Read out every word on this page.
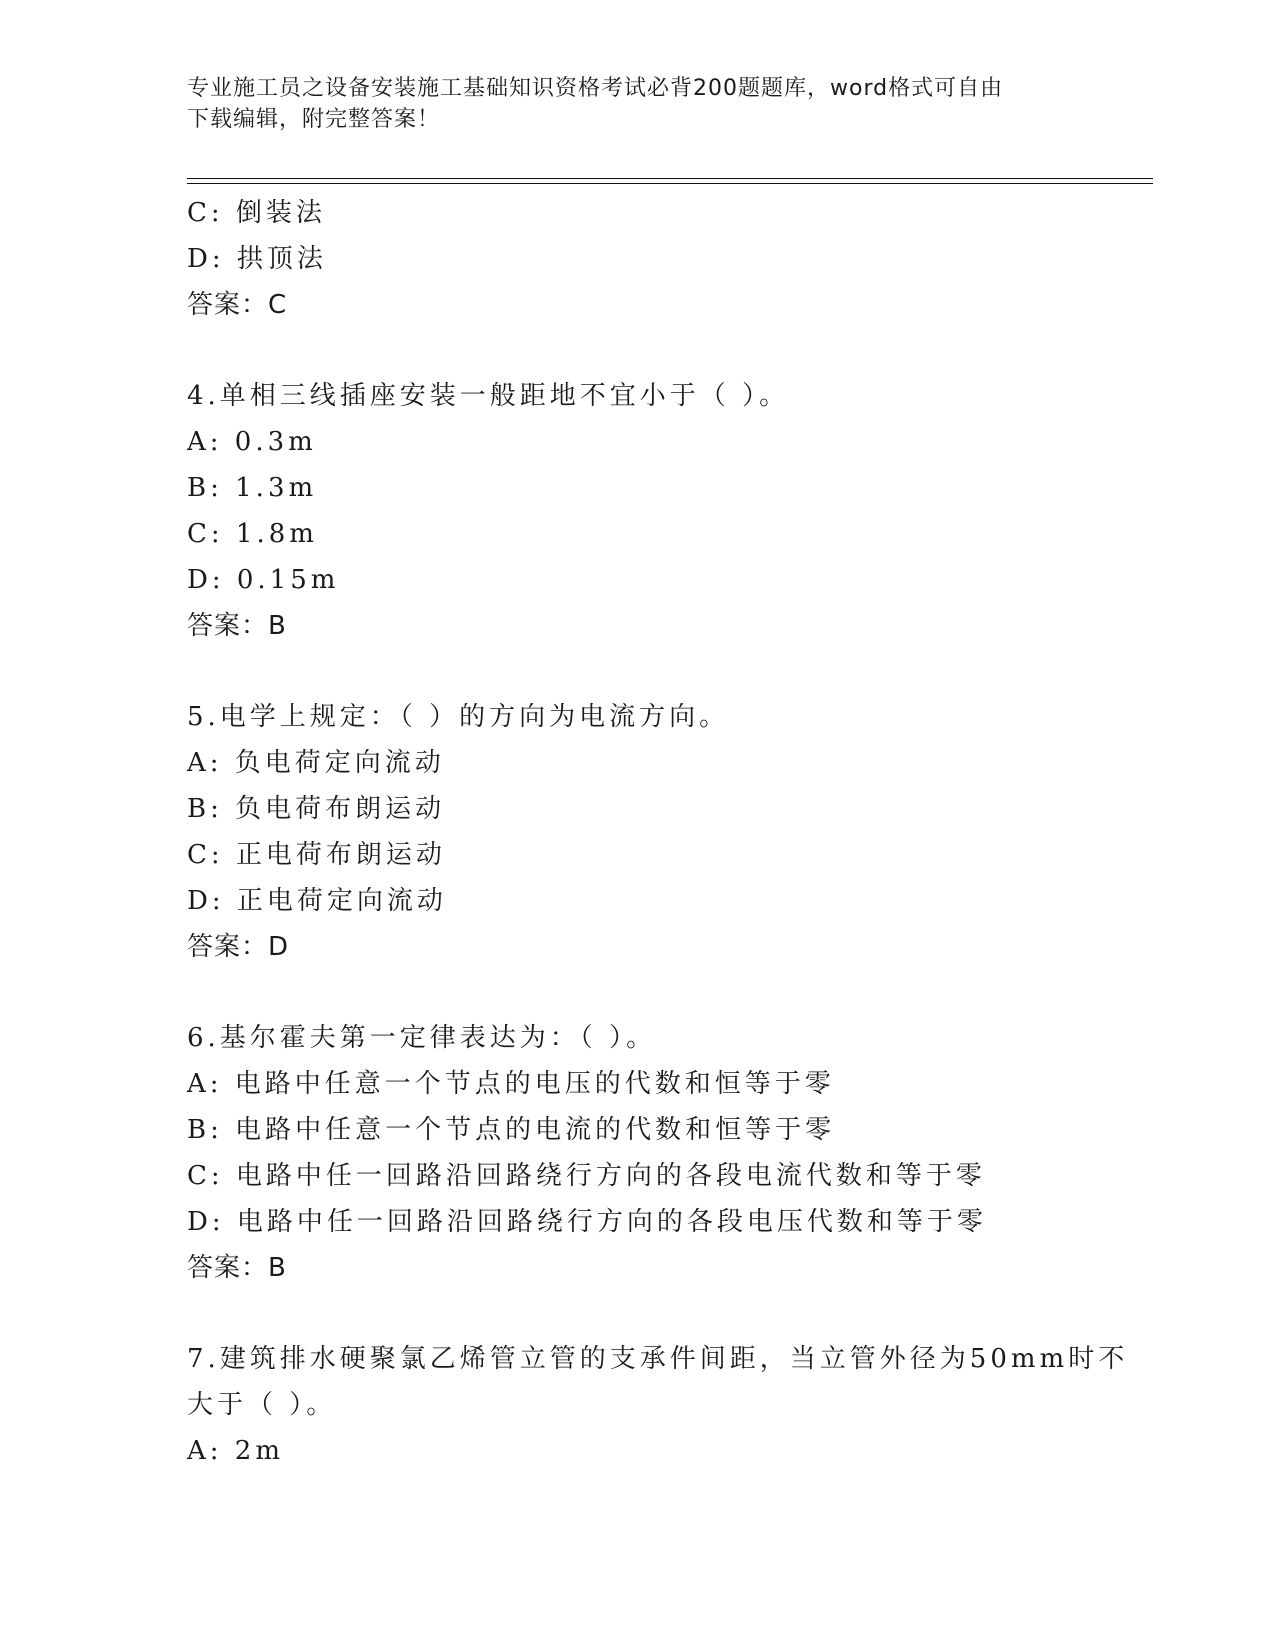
专业施工员之设备安装施工基础知识资格考试必背200题题库，word格式可自由
下载编辑，附完整答案！
C: 倒装法
D: 拱顶法
答案：C
4.单相三线插座安装一般距地不宜小于（ ）。
A: 0.3m
B: 1.3m
C: 1.8m
D: 0.15m
答案：B
5.电学上规定：（ ）的方向为电流方向。
A: 负电荷定向流动
B: 负电荷布朗运动
C: 正电荷布朗运动
D: 正电荷定向流动
答案：D
6.基尔霍夫第一定律表达为：（ ）。
A: 电路中任意一个节点的电压的代数和恒等于零
B: 电路中任意一个节点的电流的代数和恒等于零
C: 电路中任一回路沿回路绕行方向的各段电流代数和等于零
D: 电路中任一回路沿回路绕行方向的各段电压代数和等于零
答案：B
7.建筑排水硬聚氯乙烯管立管的支承件间距，当立管外径为50mm时不
大于（ ）。
A: 2m
